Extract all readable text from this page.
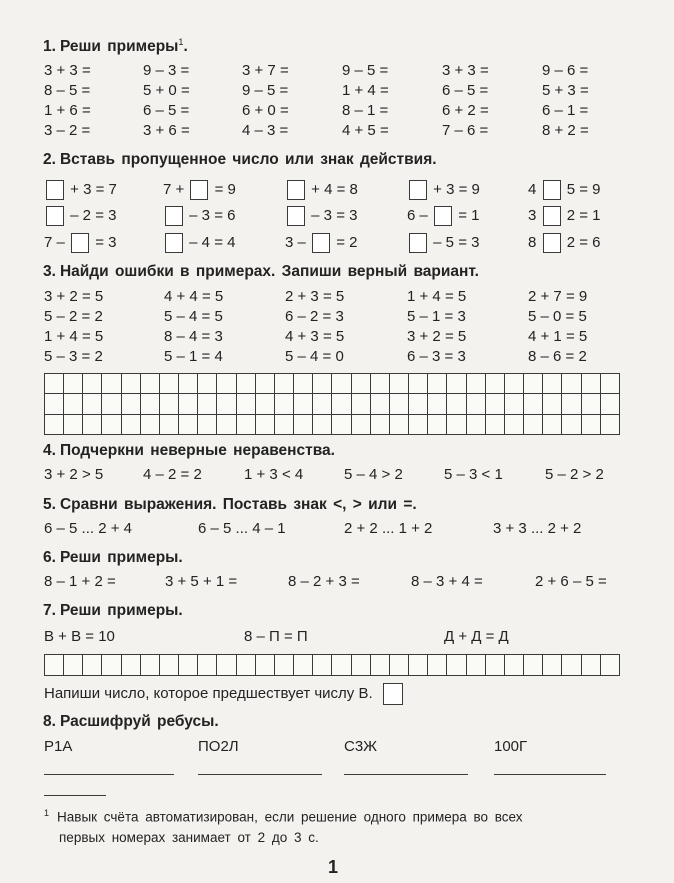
1. Реши примеры$^1$.
2. Вставь пропущенное число или знак действия.
3. Найди ошибки в примерах. Запиши верный вариант.
4. Подчеркни неверные неравенства.
5. Сравни выражения. Поставь знак <, > или =.
6. Реши примеры.
7. Реши примеры.
Напиши число, которое предшествует числу В.
8. Расшифруй ребусы.
$^1$ Навык счёта автоматизирован, если решение одного примера во всех
первых номерах занимает от 2 до 3 с.
1
3 + 3 =	9 – 3 =	3 + 7 =	9 – 5 =	3 + 3 =	9 – 6 =
8 – 5 =	5 + 0 =	9 – 5 =	1 + 4 =	6 – 5 =	5 + 3 =
1 + 6 =	6 – 5 =	6 + 0 =	8 – 1 =	6 + 2 =	6 – 1 =
3 – 2 =	3 + 6 =	4 – 3 =	4 + 5 =	7 – 6 =	8 + 2 =
+ 3 = 7	7 + = 9	+ 4 = 8	+ 3 = 9	4 5 = 9
– 2 = 3	– 3 = 6	– 3 = 3	6 – = 1	3 2 = 1
7 – = 3	– 4 = 4	3 – = 2	– 5 = 3	8 2 = 6
3 + 2 = 5	4 + 4 = 5	2 + 3 = 5	1 + 4 = 5	2 + 7 = 9
5 – 2 = 2	5 – 4 = 5	6 – 2 = 3	5 – 1 = 3	5 – 0 = 5
1 + 4 = 5	8 – 4 = 3	4 + 3 = 5	3 + 2 = 5	4 + 1 = 5
5 – 3 = 2	5 – 1 = 4	5 – 4 = 0	6 – 3 = 3	8 – 6 = 2
3 + 2 > 5	4 – 2 = 2	1 + 3 < 4	5 – 4 > 2	5 – 3 < 1	5 – 2 > 2
6 – 5 ... 2 + 4	6 – 5 ... 4 – 1	2 + 2 ... 1 + 2	3 + 3 ... 2 + 2
8 – 1 + 2 =	3 + 5 + 1 =	8 – 2 + 3 =	8 – 3 + 4 =	2 + 6 – 5 =
В + В = 10	8 – П = П	Д + Д = Д
Р1А	ПО2Л	С3Ж	100Г
